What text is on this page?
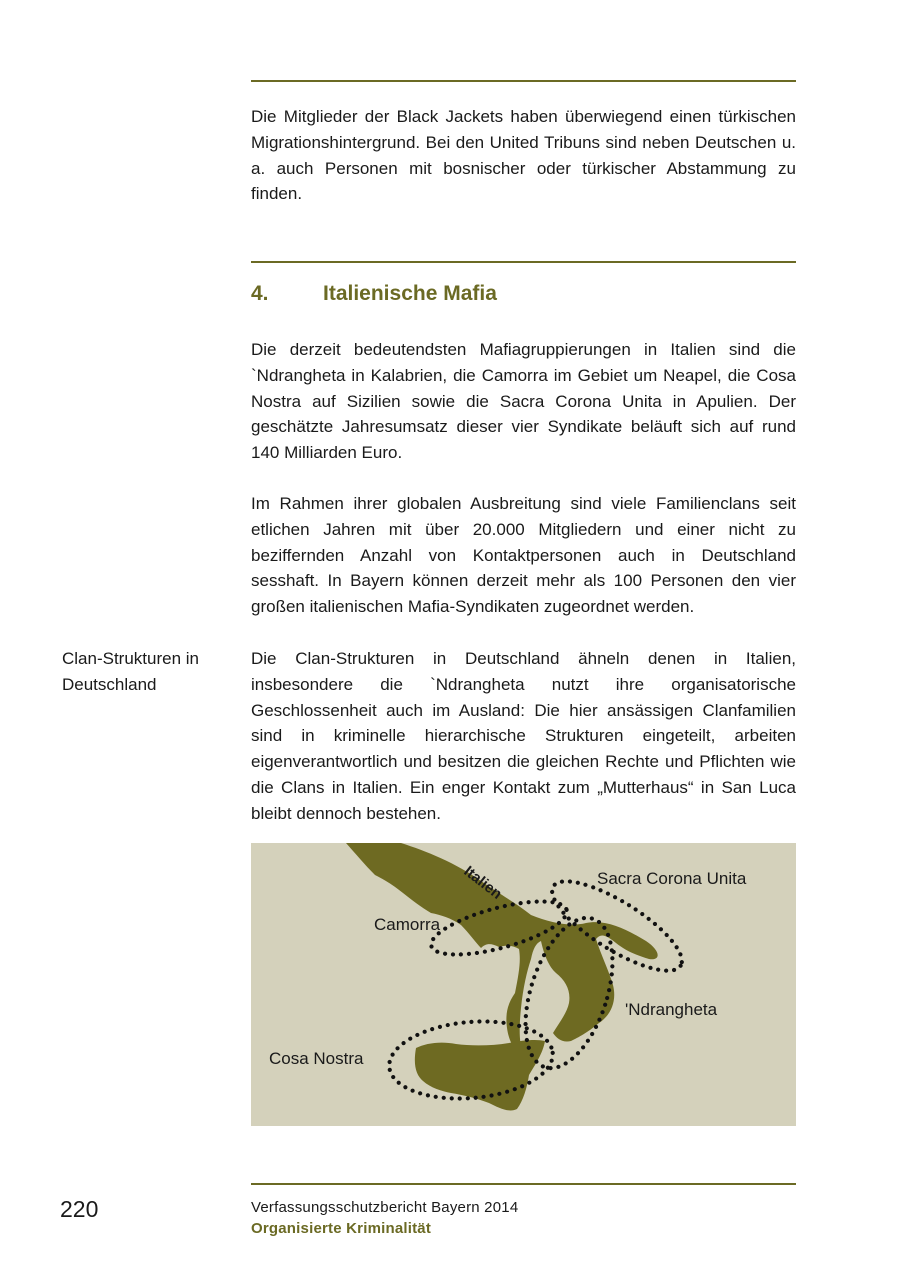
Die Mitglieder der Black Jackets haben überwiegend einen türkischen Migrationshintergrund. Bei den United Tribuns sind neben Deutschen u. a. auch Personen mit bosnischer oder türkischer Abstammung zu finden.

4.	Italienische Mafia

Die derzeit bedeutendsten Mafiagruppierungen in Italien sind die `Ndrangheta in Kalabrien, die Camorra im Gebiet um Neapel, die Cosa Nostra auf Sizilien sowie die Sacra Corona Unita in Apulien. Der geschätzte Jahresumsatz dieser vier Syndikate beläuft sich auf rund 140 Milliarden Euro.

Im Rahmen ihrer globalen Ausbreitung sind viele Familienclans seit etlichen Jahren mit über 20.000 Mitgliedern und einer nicht zu beziffernden Anzahl von Kontaktpersonen auch in Deutschland sesshaft. In Bayern können derzeit mehr als 100 Personen den vier großen italienischen Mafia-Syndikaten zugeordnet werden.

Clan-Strukturen in Deutschland

Die Clan-Strukturen in Deutschland ähneln denen in Italien, insbesondere die `Ndrangheta nutzt ihre organisatorische Geschlossenheit auch im Ausland: Die hier ansässigen Clanfamilien sind in kriminelle hierarchische Strukturen eingeteilt, arbeiten eigenverantwortlich und besitzen die gleichen Rechte und Pflichten wie die Clans in Italien. Ein enger Kontakt zum „Mutterhaus“ in San Luca bleibt dennoch bestehen.

Italien
Camorra
Sacra Corona Unita
'Ndrangheta
Cosa Nostra
220	Verfassungsschutzbericht Bayern 2014
Organisierte Kriminalität
